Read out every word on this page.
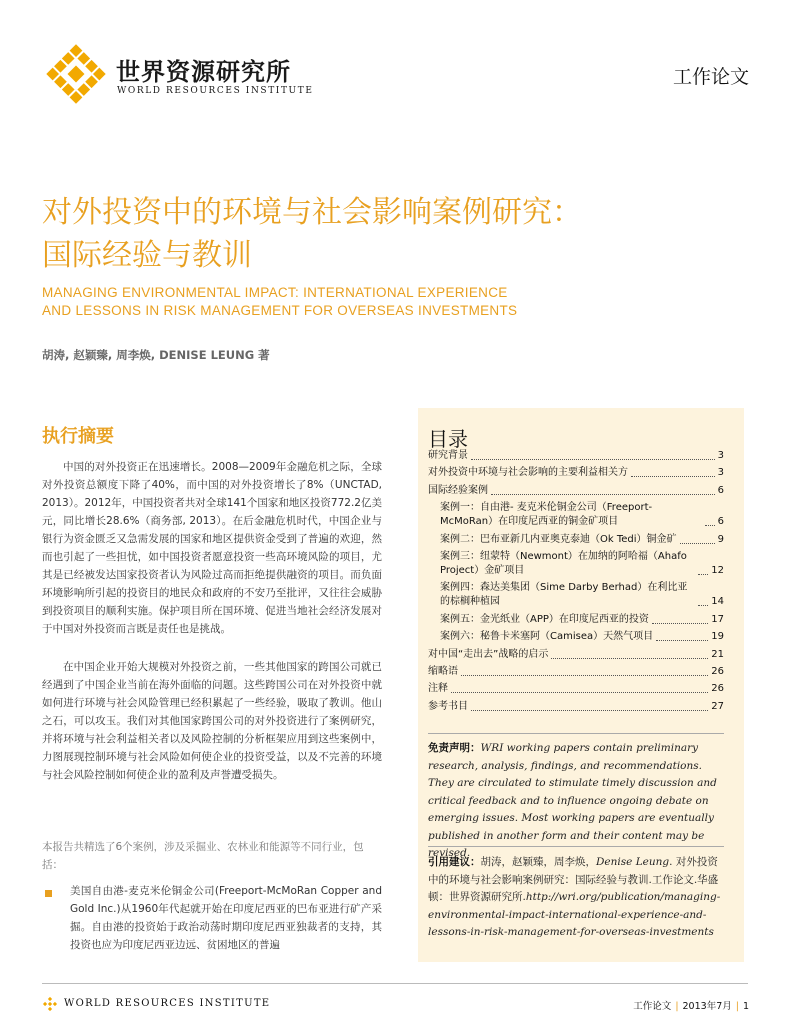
世界资源研究所
WORLD RESOURCES INSTITUTE
工作论文
对外投资中的环境与社会影响案例研究：
国际经验与教训
MANAGING ENVIRONMENTAL IMPACT: INTERNATIONAL EXPERIENCE
AND LESSONS IN RISK MANAGEMENT FOR OVERSEAS INVESTMENTS
胡涛, 赵颖臻, 周李焕, DENISE LEUNG 著
执行摘要

中国的对外投资正在迅速增长。2008—2009年金融危机之际，全球对外投资总额度下降了40%，而中国的对外投资增长了8%（UNCTAD, 2013）。2012年，中国投资者共对全球141个国家和地区投资772.2亿美元，同比增长28.6%（商务部, 2013）。在后金融危机时代，中国企业与银行为资金匮乏又急需发展的国家和地区提供资金受到了普遍的欢迎，然而也引起了一些担忧，如中国投资者愿意投资一些高环境风险的项目，尤其是已经被发达国家投资者认为风险过高而拒绝提供融资的项目。而负面环境影响所引起的投资目的地民众和政府的不安乃至批评，又往往会威胁到投资项目的顺利实施。保护项目所在国环境、促进当地社会经济发展对于中国对外投资而言既是责任也是挑战。

在中国企业开始大规模对外投资之前，一些其他国家的跨国公司就已经遇到了中国企业当前在海外面临的问题。这些跨国公司在对外投资中就如何进行环境与社会风险管理已经积累起了一些经验，吸取了教训。他山之石，可以攻玉。我们对其他国家跨国公司的对外投资进行了案例研究，并将环境与社会利益相关者以及风险控制的分析框架应用到这些案例中，力图展现控制环境与社会风险如何使企业的投资受益，以及不完善的环境与社会风险控制如何使企业的盈利及声誉遭受损失。

本报告共精选了6个案例，涉及采掘业、农林业和能源等不同行业，包括：
美国自由港-麦克米伦铜金公司(Freeport-McMoRan Copper and Gold Inc.)从1960年代起就开始在印度尼西亚的巴布亚进行矿产采掘。自由港的投资始于政治动荡时期印度尼西亚独裁者的支持，其投资也应为印度尼西亚边远、贫困地区的普遍
目录
研究背景	3
对外投资中环境与社会影响的主要利益相关方	3
国际经验案例	6
案例一：自由港- 麦克米伦铜金公司（Freeport-McMoRan）在印度尼西亚的铜金矿项目	6
案例二：巴布亚新几内亚奥克泰迪（Ok Tedi）铜金矿	9
案例三：纽蒙特（Newmont）在加纳的阿哈福（Ahafo Project）金矿项目	12
案例四：森达美集团（Sime Darby Berhad）在利比亚的棕榈种植园	14
案例五：金光纸业（APP）在印度尼西亚的投资	17
案例六：秘鲁卡米塞阿（Camisea）天然气项目	19
对中国“走出去”战略的启示	21
缩略语	26
注释	26
参考书目	27
免责声明：WRI working papers contain preliminary research, analysis, findings, and recommendations. They are circulated to stimulate timely discussion and critical feedback and to influence ongoing debate on emerging issues. Most working papers are eventually published in another form and their content may be revised.
引用建议：胡涛，赵颖臻，周李焕，Denise Leung. 对外投资中的环境与社会影响案例研究：国际经验与教训.工作论文.华盛顿：世界资源研究所.http://wri.org/publication/managing-environmental-impact-international-experience-and-lessons-in-risk-management-for-overseas-investments
WORLD RESOURCES INSTITUTE	工作论文 | 2013年7月 | 1
